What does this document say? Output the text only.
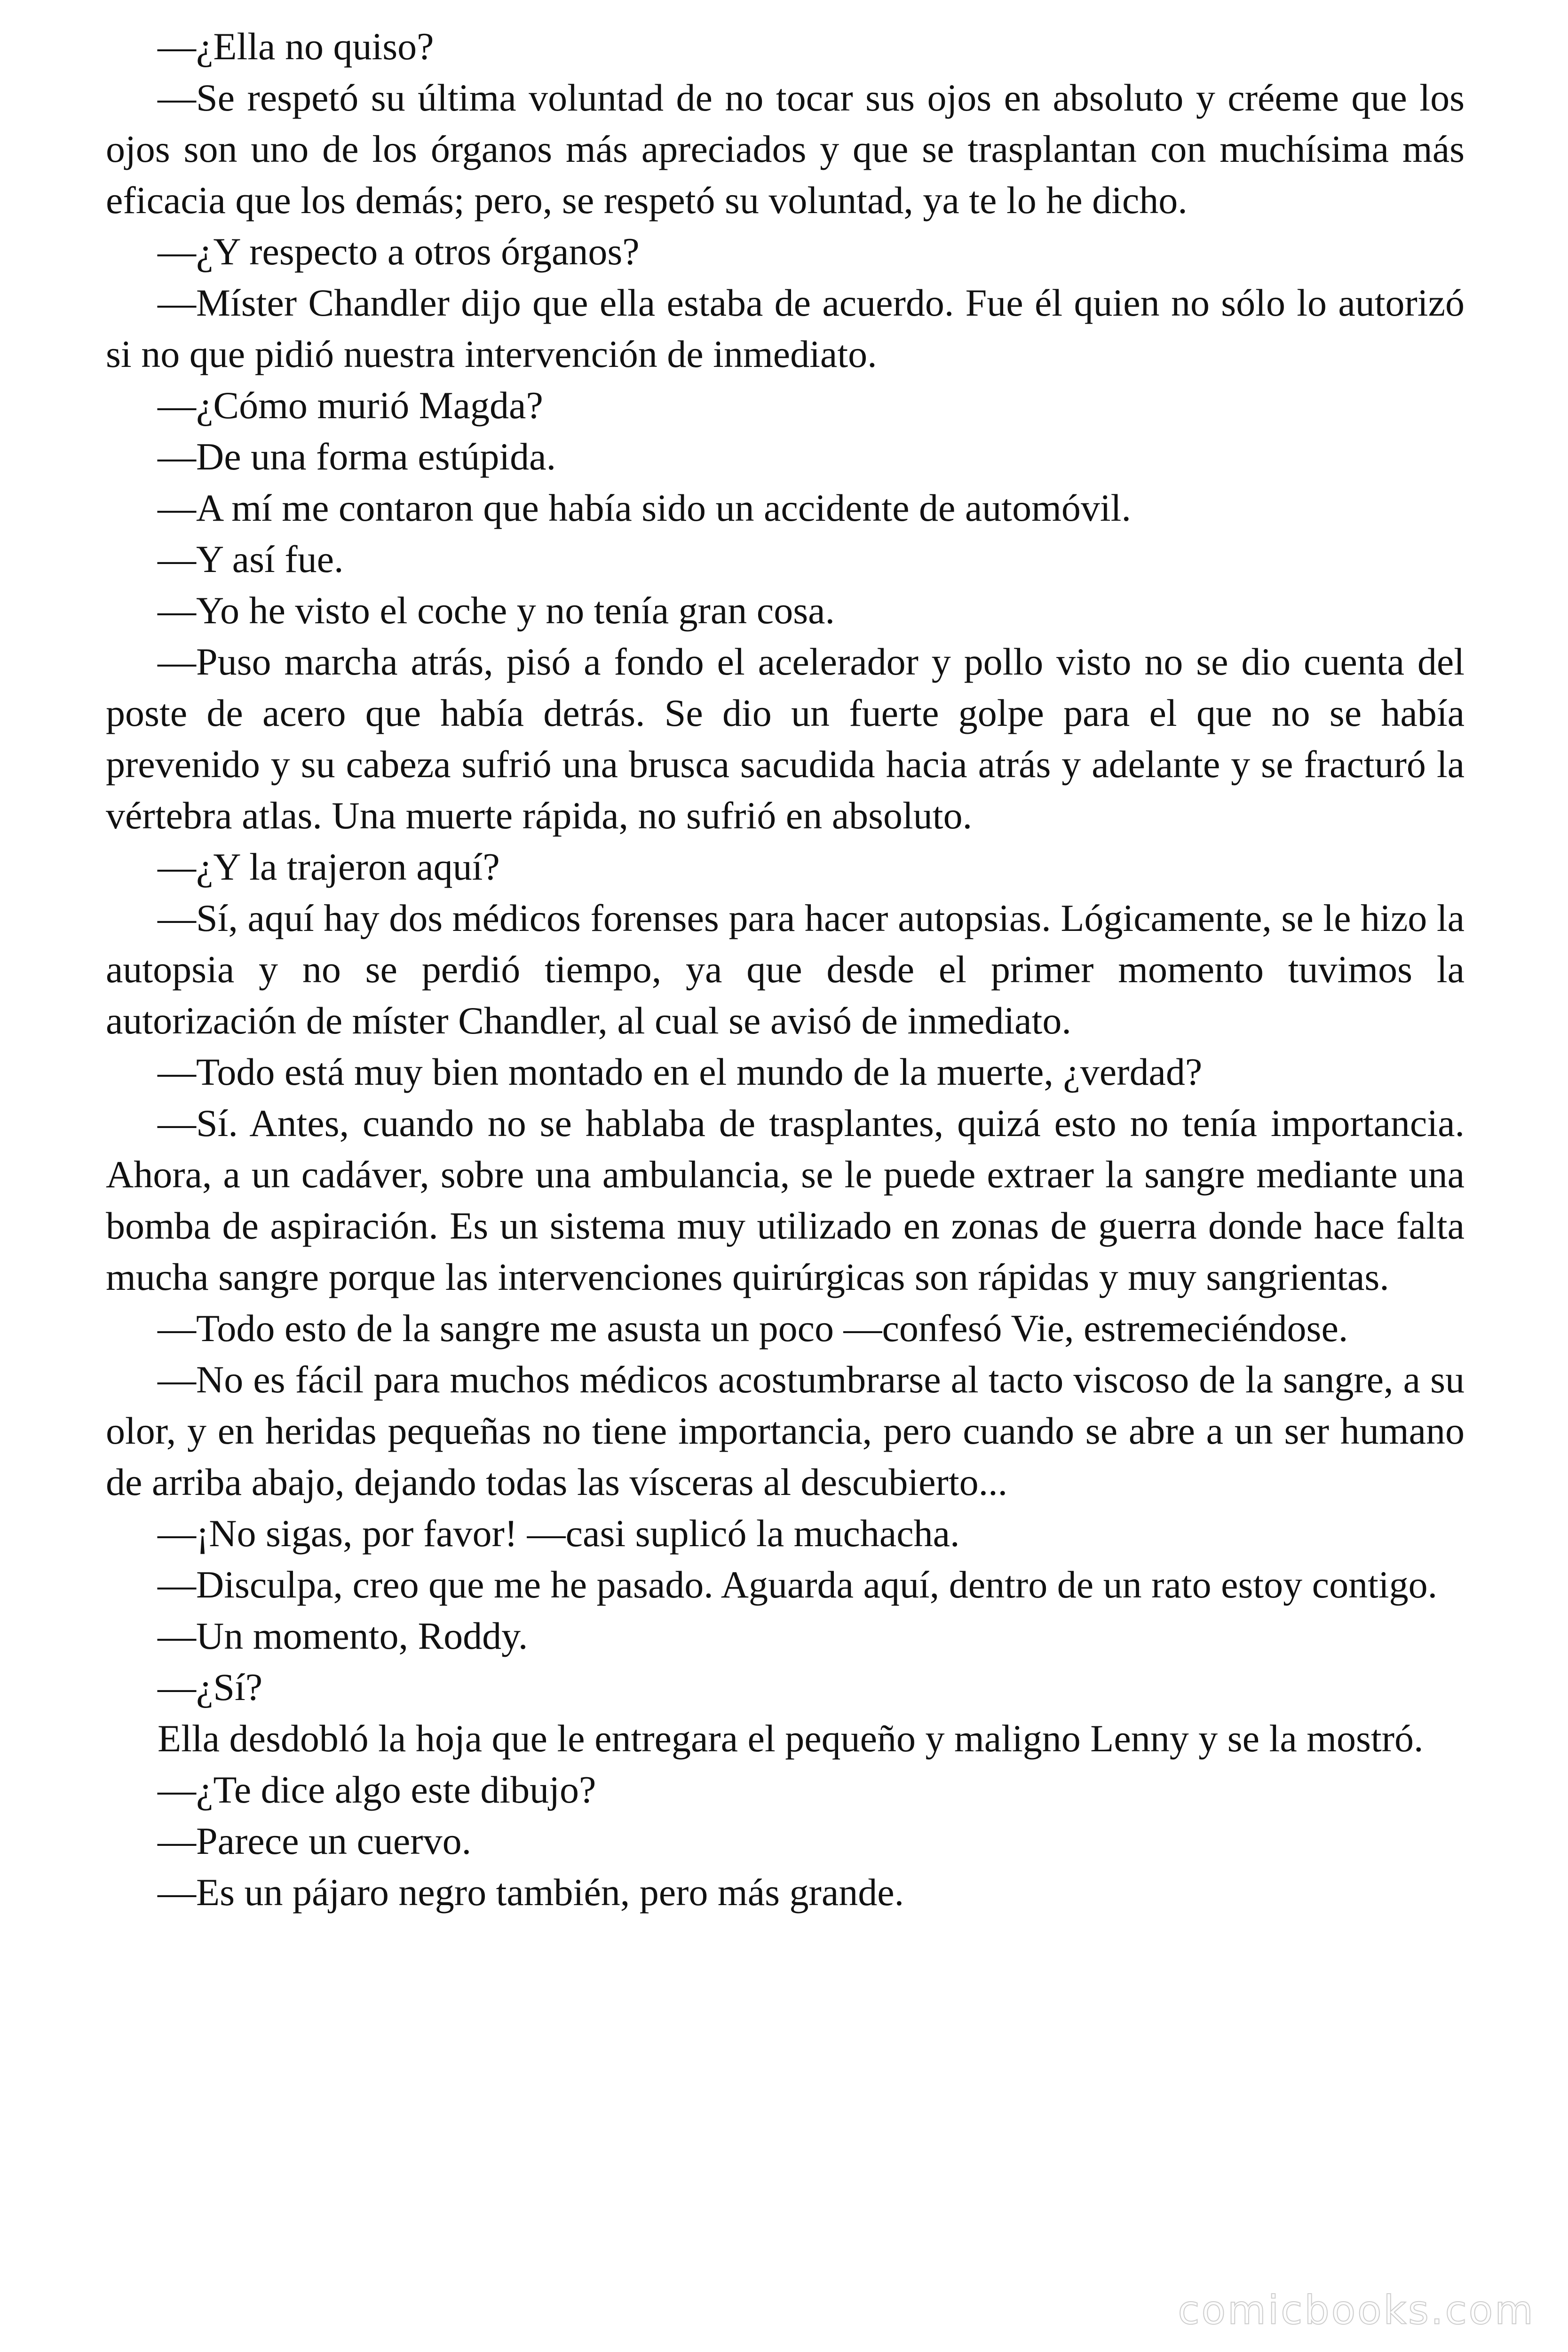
—¿Ella no quiso?

—Se respetó su última voluntad de no tocar sus ojos en absoluto y créeme que los ojos son uno de los órganos más apreciados y que se trasplantan con muchísima más eficacia que los demás; pero, se respetó su voluntad, ya te lo he dicho.

—¿Y respecto a otros órganos?

—Míster Chandler dijo que ella estaba de acuerdo. Fue él quien no sólo lo autorizó si no que pidió nuestra intervención de inmediato.

—¿Cómo murió Magda?

—De una forma estúpida.

—A mí me contaron que había sido un accidente de automóvil.

—Y así fue.

—Yo he visto el coche y no tenía gran cosa.

—Puso marcha atrás, pisó a fondo el acelerador y pollo visto no se dio cuenta del poste de acero que había detrás. Se dio un fuerte golpe para el que no se había prevenido y su cabeza sufrió una brusca sacudida hacia atrás y adelante y se fracturó la vértebra atlas. Una muerte rápida, no sufrió en absoluto.

—¿Y la trajeron aquí?

—Sí, aquí hay dos médicos forenses para hacer autopsias. Lógicamente, se le hizo la autopsia y no se perdió tiempo, ya que desde el primer momento tuvimos la autorización de míster Chandler, al cual se avisó de inmediato.

—Todo está muy bien montado en el mundo de la muerte, ¿verdad?

—Sí. Antes, cuando no se hablaba de trasplantes, quizá esto no tenía importancia. Ahora, a un cadáver, sobre una ambulancia, se le puede extraer la sangre mediante una bomba de aspiración. Es un sistema muy utilizado en zonas de guerra donde hace falta mucha sangre porque las intervenciones quirúrgicas son rápidas y muy sangrientas.

—Todo esto de la sangre me asusta un poco —confesó Vie, estremeciéndose.

—No es fácil para muchos médicos acostumbrarse al tacto viscoso de la sangre, a su olor, y en heridas pequeñas no tiene importancia, pero cuando se abre a un ser humano de arriba abajo, dejando todas las vísceras al descubierto...

—¡No sigas, por favor! —casi suplicó la muchacha.

—Disculpa, creo que me he pasado. Aguarda aquí, dentro de un rato estoy contigo.

—Un momento, Roddy.

—¿Sí?

Ella desdobló la hoja que le entregara el pequeño y maligno Lenny y se la mostró.

—¿Te dice algo este dibujo?

—Parece un cuervo.

—Es un pájaro negro también, pero más grande.

comicbooks.com
